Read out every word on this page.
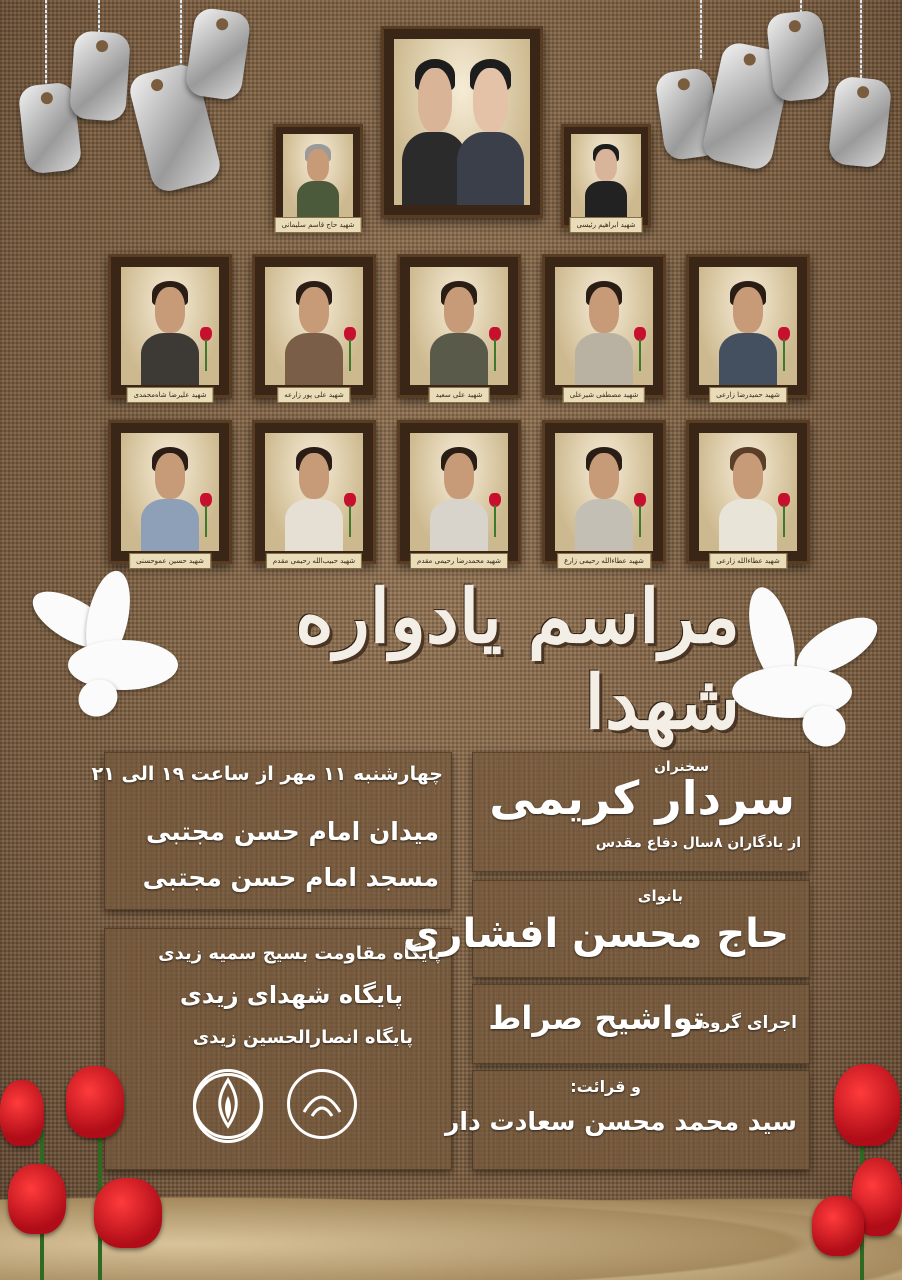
شهید حاج قاسم سلیمانی	شهید ابراهیم رئیسی
شهید علیرضا شاه‌محمدی	شهید علی پور زارعه	شهید علی سعید	شهید مصطفی شیرعلی	شهید حمیدرضا زارعی
شهید حسین عموحسنی	شهید حبیب‌الله رحیمی مقدم	شهید محمدرضا رحیمی مقدم	شهید عطاءالله رحیمی زارع	شهید عطاءالله زارعی
مراسم یادواره شهدا
چهارشنبه ۱۱ مهر از ساعت ۱۹ الی ۲۱
میدان امام حسن مجتبی
مسجد امام حسن مجتبی
پایگاه مقاومت بسیج سمیه زیدی
پایگاه شهدای زیدی
پایگاه انصارالحسین زیدی
سخنران
سردار کریمی
از یادگاران ۸سال دفاع مقدس
بانوای
حاج محسن افشاری
اجرای گروه:
تواشیح صراط
و قرائت:
سید محمد محسن سعادت دار
